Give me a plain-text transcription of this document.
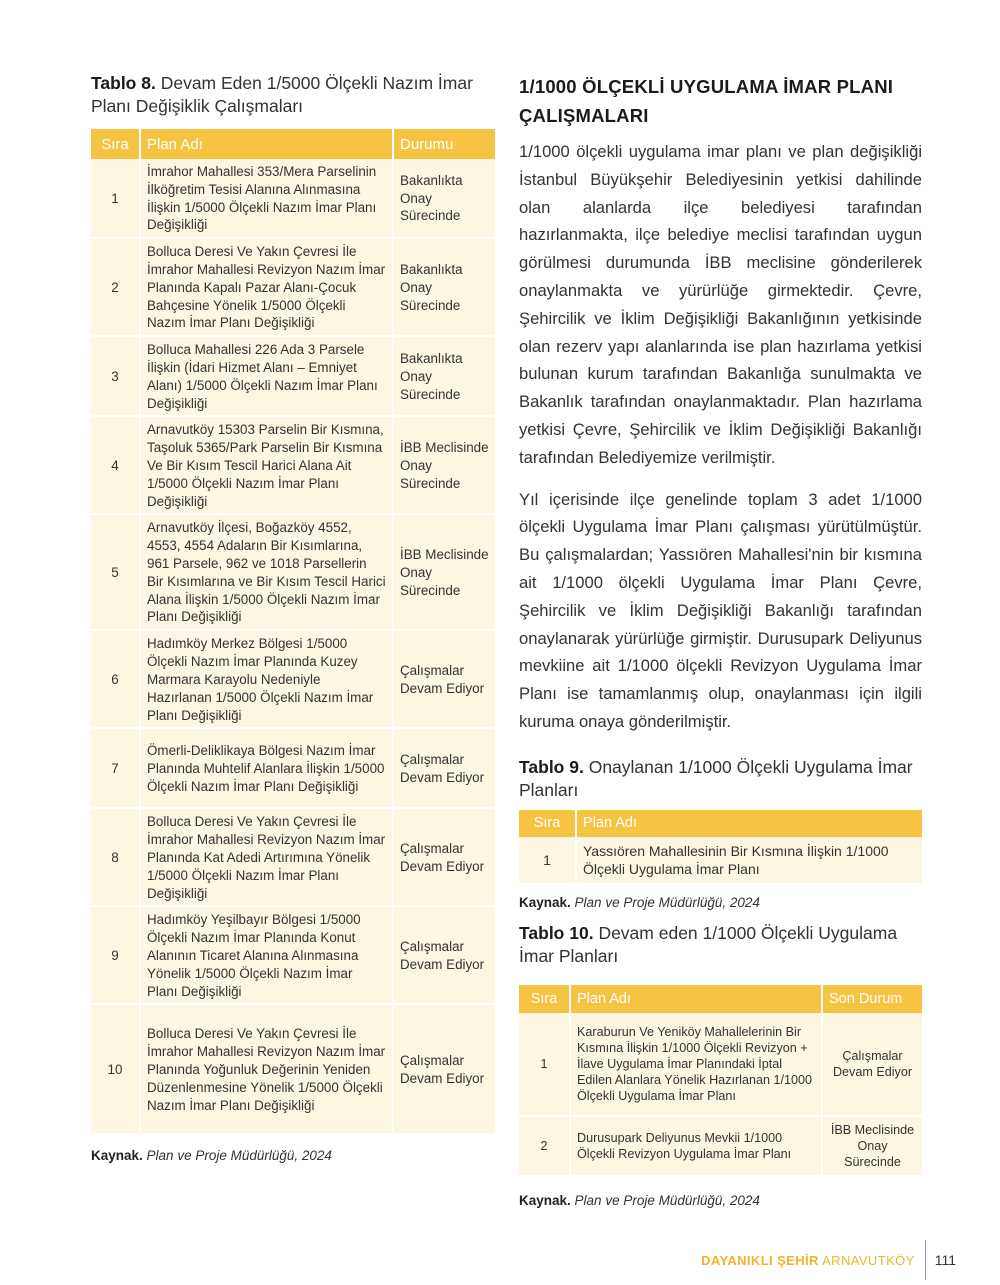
Tablo 8. Devam Eden 1/5000 Ölçekli Nazım İmar Planı Değişiklik Çalışmaları

Sıra	Plan Adı	Durumu
1	İmrahor Mahallesi 353/Mera Parselinin İlköğretim Tesisi Alanına Alınmasına İlişkin 1/5000 Ölçekli Nazım İmar Planı Değişikliği	Bakanlıkta Onay Sürecinde
2	Bolluca Deresi Ve Yakın Çevresi İle İmrahor Mahallesi Revizyon Nazım İmar Planında Kapalı Pazar Alanı-Çocuk Bahçesine Yönelik 1/5000 Ölçekli Nazım İmar Planı Değişikliği	Bakanlıkta Onay Sürecinde
3	Bolluca Mahallesi 226 Ada 3 Parsele İlişkin (İdari Hizmet Alanı – Emniyet Alanı) 1/5000 Ölçekli Nazım İmar Planı Değişikliği	Bakanlıkta Onay Sürecinde
4	Arnavutköy 15303 Parselin Bir Kısmına, Taşoluk 5365/Park Parselin Bir Kısmına Ve Bir Kısım Tescil Harici Alana Ait 1/5000 Ölçekli Nazım İmar Planı Değişikliği	İBB Meclisinde Onay Sürecinde
5	Arnavutköy İlçesi, Boğazköy 4552, 4553, 4554 Adaların Bir Kısımlarına, 961 Parsele, 962 ve 1018 Parsellerin Bir Kısımlarına ve Bir Kısım Tescil Harici Alana İlişkin 1/5000 Ölçekli Nazım İmar Planı Değişikliği	İBB Meclisinde Onay Sürecinde
6	Hadımköy Merkez Bölgesi 1/5000 Ölçekli Nazım İmar Planında Kuzey Marmara Karayolu Nedeniyle Hazırlanan 1/5000 Ölçekli Nazım İmar Planı Değişikliği	Çalışmalar Devam Ediyor
7	Ömerli-Deliklikaya Bölgesi Nazım İmar Planında Muhtelif Alanlara İlişkin 1/5000 Ölçekli Nazım İmar Planı Değişikliği	Çalışmalar Devam Ediyor
8	Bolluca Deresi Ve Yakın Çevresi İle İmrahor Mahallesi Revizyon Nazım İmar Planında Kat Adedi Artırımına Yönelik 1/5000 Ölçekli Nazım İmar Planı Değişikliği	Çalışmalar Devam Ediyor
9	Hadımköy Yeşilbayır Bölgesi 1/5000 Ölçekli Nazım İmar Planında Konut Alanının Ticaret Alanına Alınmasına Yönelik 1/5000 Ölçekli Nazım İmar Planı Değişikliği	Çalışmalar Devam Ediyor
10	Bolluca Deresi Ve Yakın Çevresi İle İmrahor Mahallesi Revizyon Nazım İmar Planında Yoğunluk Değerinin Yeniden Düzenlenmesine Yönelik 1/5000 Ölçekli Nazım İmar Planı Değişikliği	Çalışmalar Devam Ediyor

Kaynak. Plan ve Proje Müdürlüğü, 2024

1/1000 ÖLÇEKLİ UYGULAMA İMAR PLANI ÇALIŞMALARI

1/1000 ölçekli uygulama imar planı ve plan değişikliği İstanbul Büyükşehir Belediyesinin yetkisi dahilinde olan alanlarda ilçe belediyesi tarafından hazırlanmakta, ilçe belediye meclisi tarafından uygun görülmesi durumunda İBB meclisine gönderilerek onaylanmakta ve yürürlüğe girmektedir. Çevre, Şehircilik ve İklim Değişikliği Bakanlığının yetkisinde olan rezerv yapı alanlarında ise plan hazırlama yetkisi bulunan kurum tarafından Bakanlığa sunulmakta ve Bakanlık tarafından onaylanmaktadır. Plan hazırlama yetkisi Çevre, Şehircilik ve İklim Değişikliği Bakanlığı tarafından Belediyemize verilmiştir.

Yıl içerisinde ilçe genelinde toplam 3 adet 1/1000 ölçekli Uygulama İmar Planı çalışması yürütülmüştür. Bu çalışmalardan; Yassıören Mahallesi'nin bir kısmına ait 1/1000 ölçekli Uygulama İmar Planı Çevre, Şehircilik ve İklim Değişikliği Bakanlığı tarafından onaylanarak yürürlüğe girmiştir. Durusupark Deliyunus mevkiine ait 1/1000 ölçekli Revizyon Uygulama İmar Planı ise tamamlanmış olup, onaylanması için ilgili kuruma onaya gönderilmiştir.

Tablo 9. Onaylanan 1/1000 Ölçekli Uygulama İmar Planları

Sıra	Plan Adı
1	Yassıören Mahallesinin Bir Kısmına İlişkin 1/1000 Ölçekli Uygulama İmar Planı

Kaynak. Plan ve Proje Müdürlüğü, 2024

Tablo 10. Devam eden 1/1000 Ölçekli Uygulama İmar Planları

Sıra	Plan Adı	Son Durum
1	Karaburun Ve Yeniköy Mahallelerinin Bir Kısmına İlişkin 1/1000 Ölçekli Revizyon + İlave Uygulama İmar Planındaki İptal Edilen Alanlara Yönelik Hazırlanan 1/1000 Ölçekli Uygulama İmar Planı	Çalışmalar Devam Ediyor
2	Durusupark Deliyunus Mevkii 1/1000 Ölçekli Revizyon Uygulama İmar Planı	İBB Meclisinde Onay Sürecinde

Kaynak. Plan ve Proje Müdürlüğü, 2024

DAYANIKLI ŞEHİR ARNAVUTKÖY 111
